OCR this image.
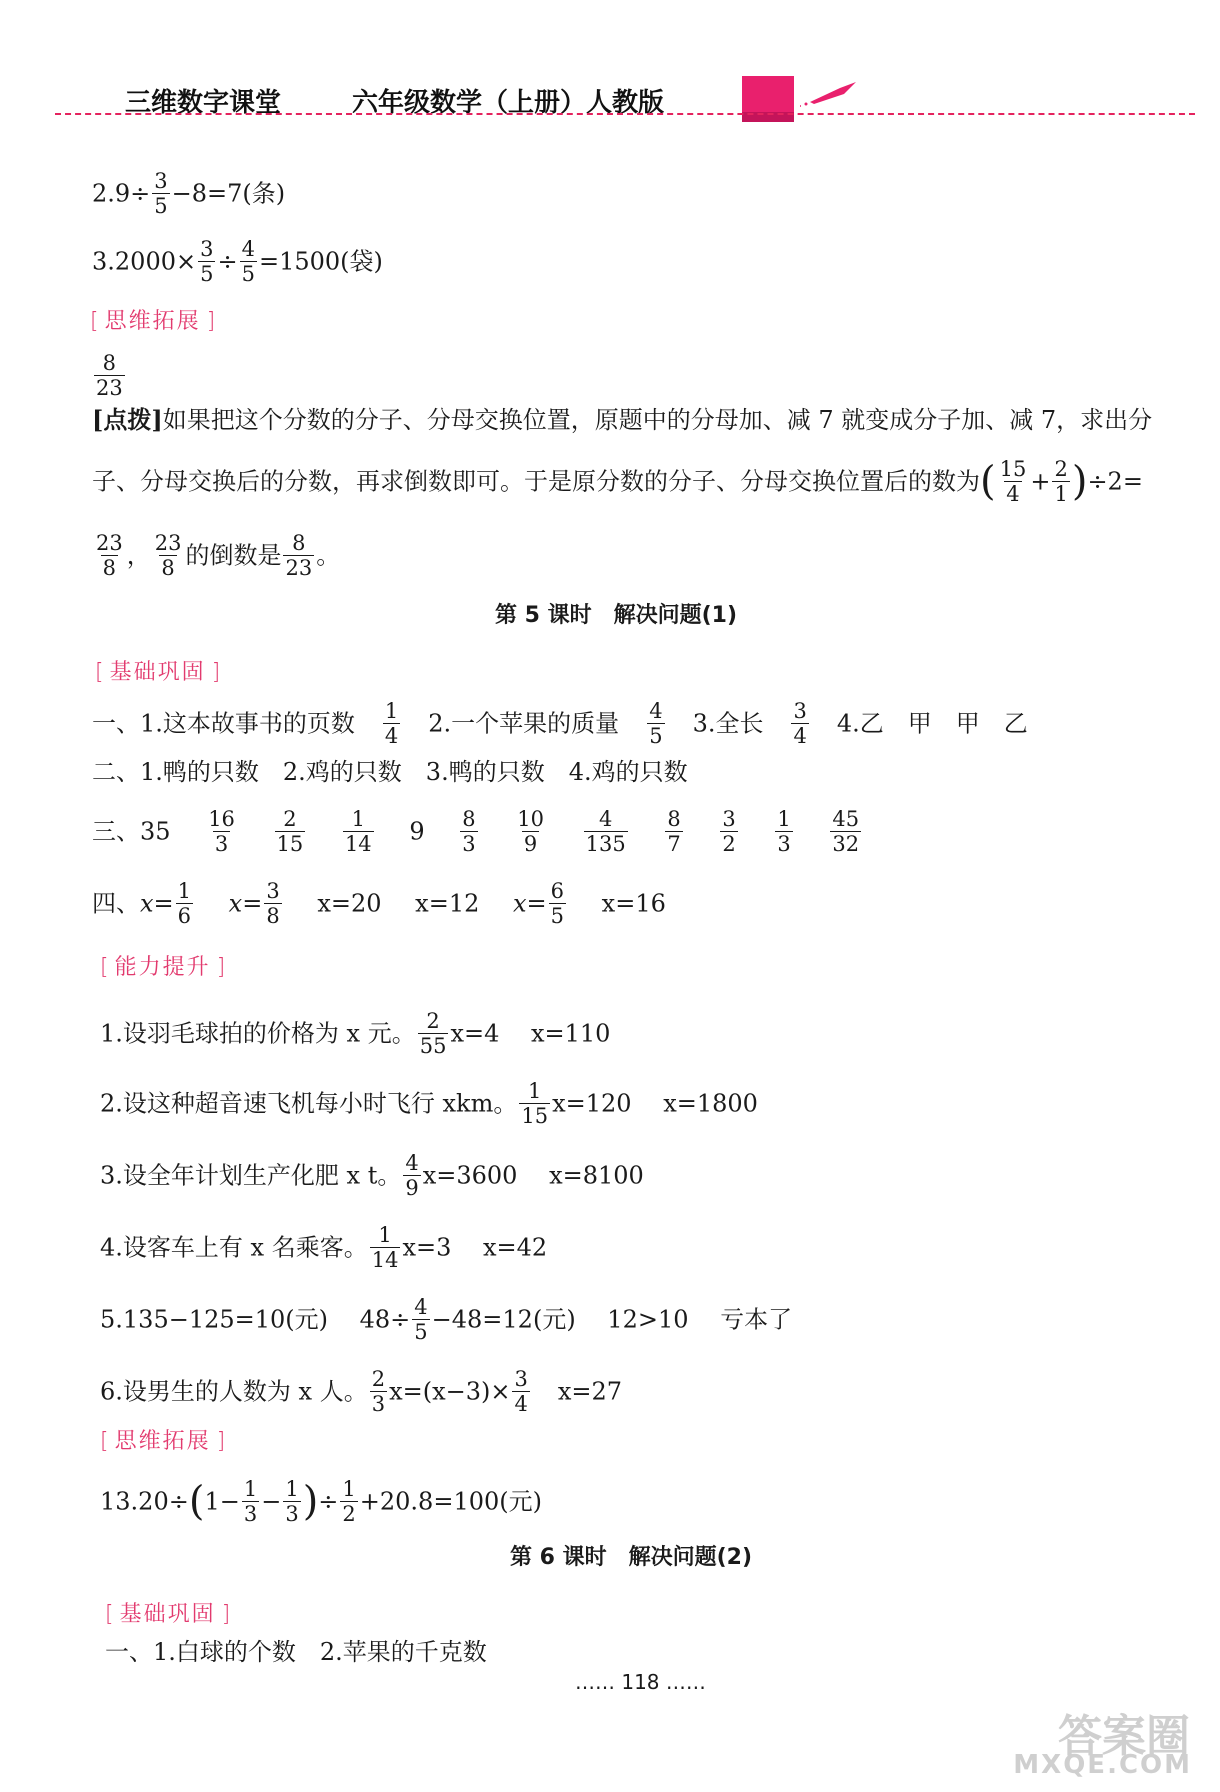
三维数字课堂	六年级数学（上册）人教版
$2.9\div \frac{3}{5} -8=7$(条)
$3.2000\times \frac{3}{5} \div \frac{4}{5} =1500$(袋)
[ 思维拓展 ]
$\frac{8}{23}$
[点拨]如果把这个分数的分子、分母交换位置，原题中的分母加、减 7 就变成分子加、减 7，求出分
子、分母交换后的分数，再求倒数即可。于是原分数的分子、分母交换位置后的数为( $\frac{15}{4} + \frac{2}{1} )\div 2=$
$\frac{23}{8}$ ， $\frac{23}{8}$ 的倒数是 $\frac{8}{23}$ 。
第 5 课时　解决问题(1)
[ 基础巩固 ]
一、1.这本故事书的页数 $\frac{1}{4} 2$.一个苹果的质量 $\frac{4}{5} 3$.全长 $\frac{3}{4} 4$.乙　甲　甲　乙
二、1.鸭的只数　2.鸡的只数　3.鸭的只数　4.鸡的只数
三、$35 \frac{16}{3}$
$\frac{2}{15}$
$\frac{1}{14} 9 \frac{8}{3}$
$\frac{10}{9}$
$\frac{4}{135}$
$\frac{8}{7}$
$\frac{3}{2}$
$\frac{1}{3}$
$\frac{45}{32}$
四、$x= \frac{1}{6} x= \frac{3}{8} x=20$ x=12 $x= \frac{6}{5} x=16$
[ 能力提升 ]
1.设羽毛球拍的价格为 x 元。 $\frac{2}{55} x=4$　 x=110
2.设这种超音速飞机每小时飞行 xkm。 $\frac{1}{15} x=120$　 x=1800
3.设全年计划生产化肥 x t。 $\frac{4}{9} x=3600$　 x=8100
4.设客车上有 x 名乘客。 $\frac{1}{14} x=3$　 x=42
5.135−125=10(元)　 $48\div \frac{4}{5} -48=12$(元)　 12>10　 亏本了
6.设男生的人数为 x 人。 $\frac{2}{3} x=(x-3)\times \frac{3}{4} x=27$
[ 思维拓展 ]
$13.20\div(1- \frac{1}{3} - \frac{1}{3}$ )÷ $\frac{1}{2} +20.8=100$(元)
第 6 课时　解决问题(2)
[ 基础巩固 ]
一、1.白球的个数　2.苹果的千克数
…… 118 ……
答案圈
MXQE.COM
